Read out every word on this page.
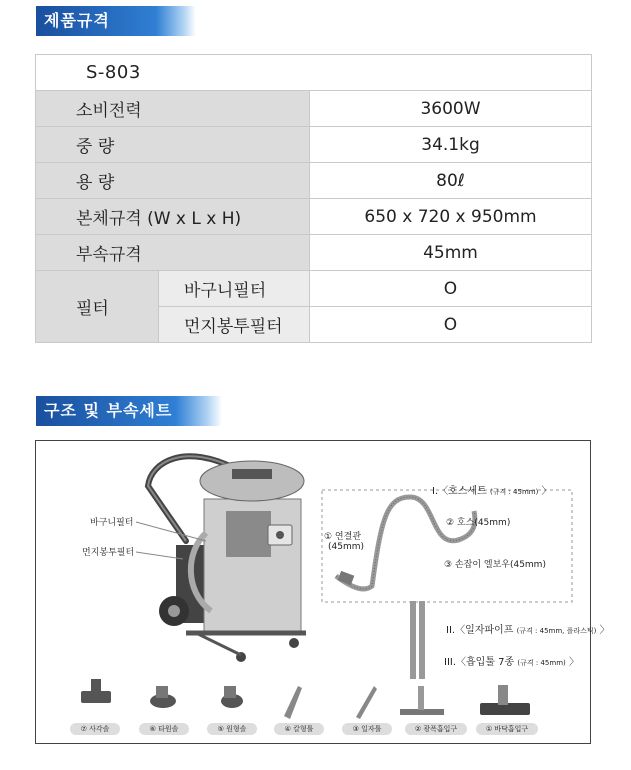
제품규격
S-803		
소비전력		3600W
중 량		34.1kg
용 량		80ℓ
본체규격 (W x L x H)		650 x 720 x 950mm
부속규격		45mm
필터	바구니필터	O
	먼지봉투필터	O
구조 및 부속세트
바구니필터
먼지봉투필터
I.〈호스세트 (규격 : 45mm) 〉
① 연결관
(45mm)
② 호스(45mm)
③ 손잡이 엘보우(45mm)
II.〈일자파이프 (규격 : 45mm, 플라스틱) 〉
III.〈흡입툴 7종 (규격 : 45mm) 〉
⑦ 사각솔	⑥ 타원솔	⑤ 원형솔	④ 칼형툴	③ 일자툴	② 광폭흡입구	① 바닥흡입구
